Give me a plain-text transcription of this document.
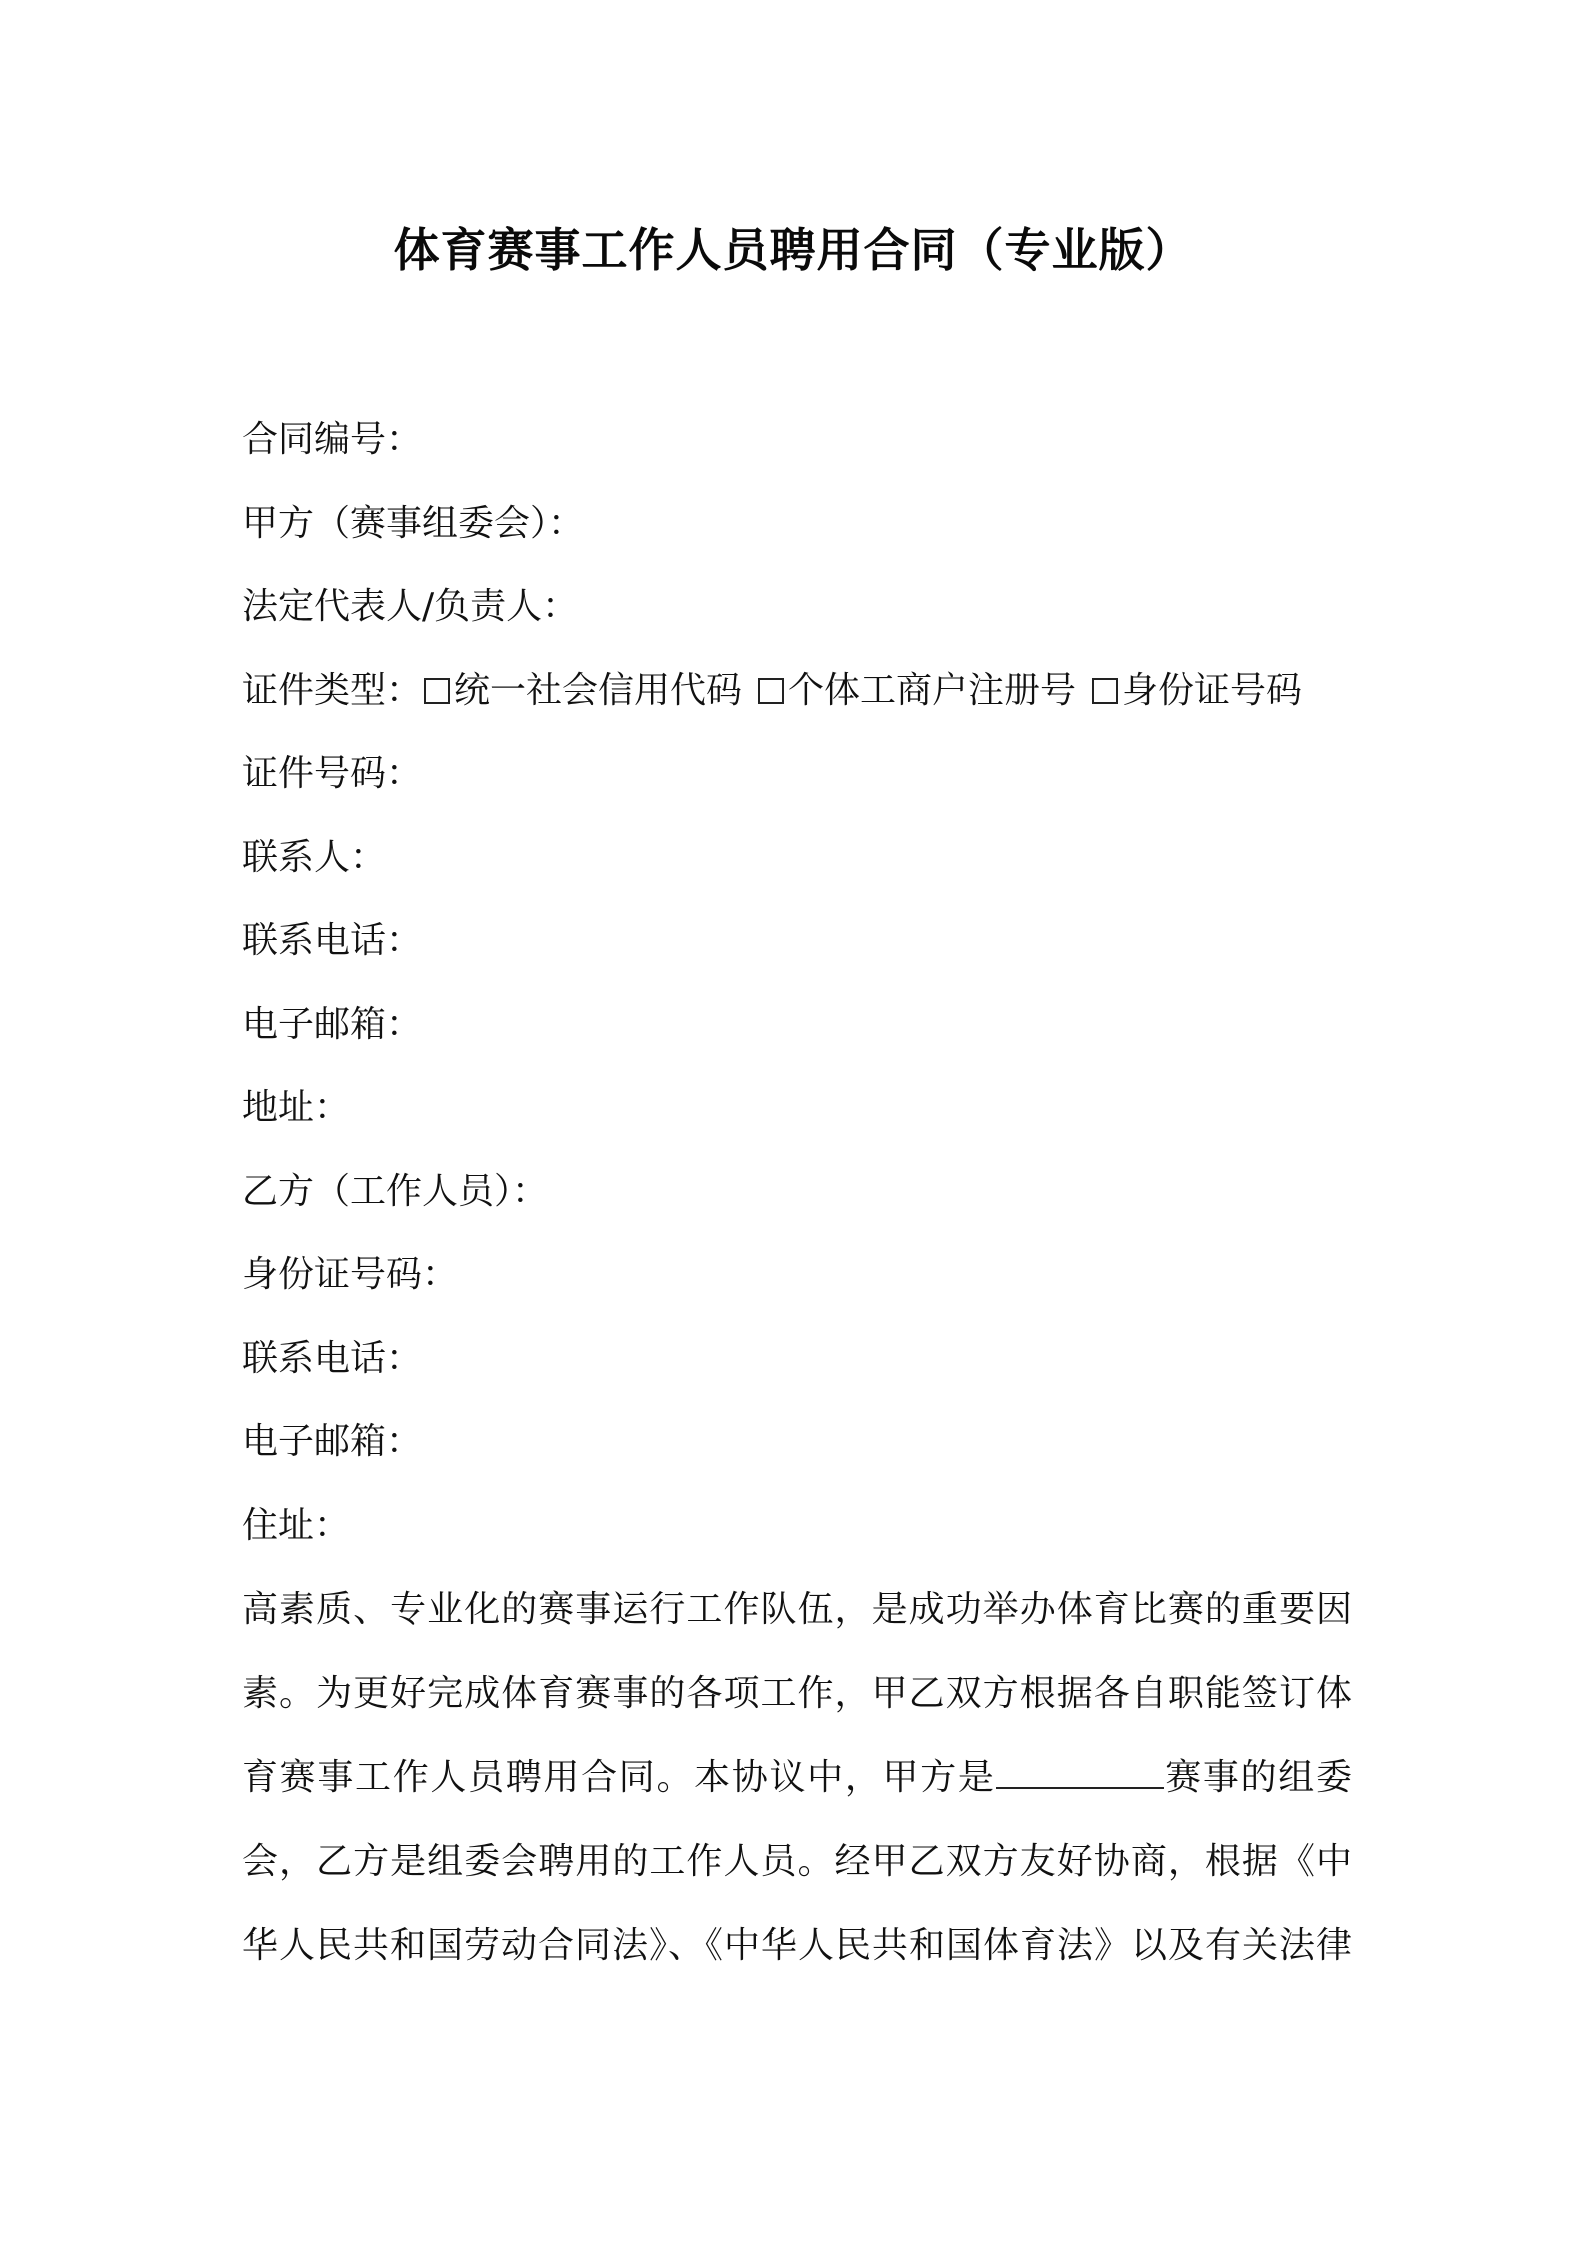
体育赛事工作人员聘用合同（专业版）
合同编号：
甲方（赛事组委会）：
法定代表人/负责人：
证件类型： 统一社会信用代码 个体工商户注册号 身份证号码
证件号码：
联系人：
联系电话：
电子邮箱：
地址：
乙方（工作人员）：
身份证号码：
联系电话：
电子邮箱：
住址：
高素质、专业化的赛事运行工作队伍，是成功举办体育比赛的重要因
素。为更好完成体育赛事的各项工作，甲乙双方根据各自职能签订体
育赛事工作人员聘用合同。本协议中，甲方是	赛事的组委
会，乙方是组委会聘用的工作人员。经甲乙双方友好协商，根据《中
华人民共和国劳动合同法》、《中华人民共和国体育法》以及有关法律
